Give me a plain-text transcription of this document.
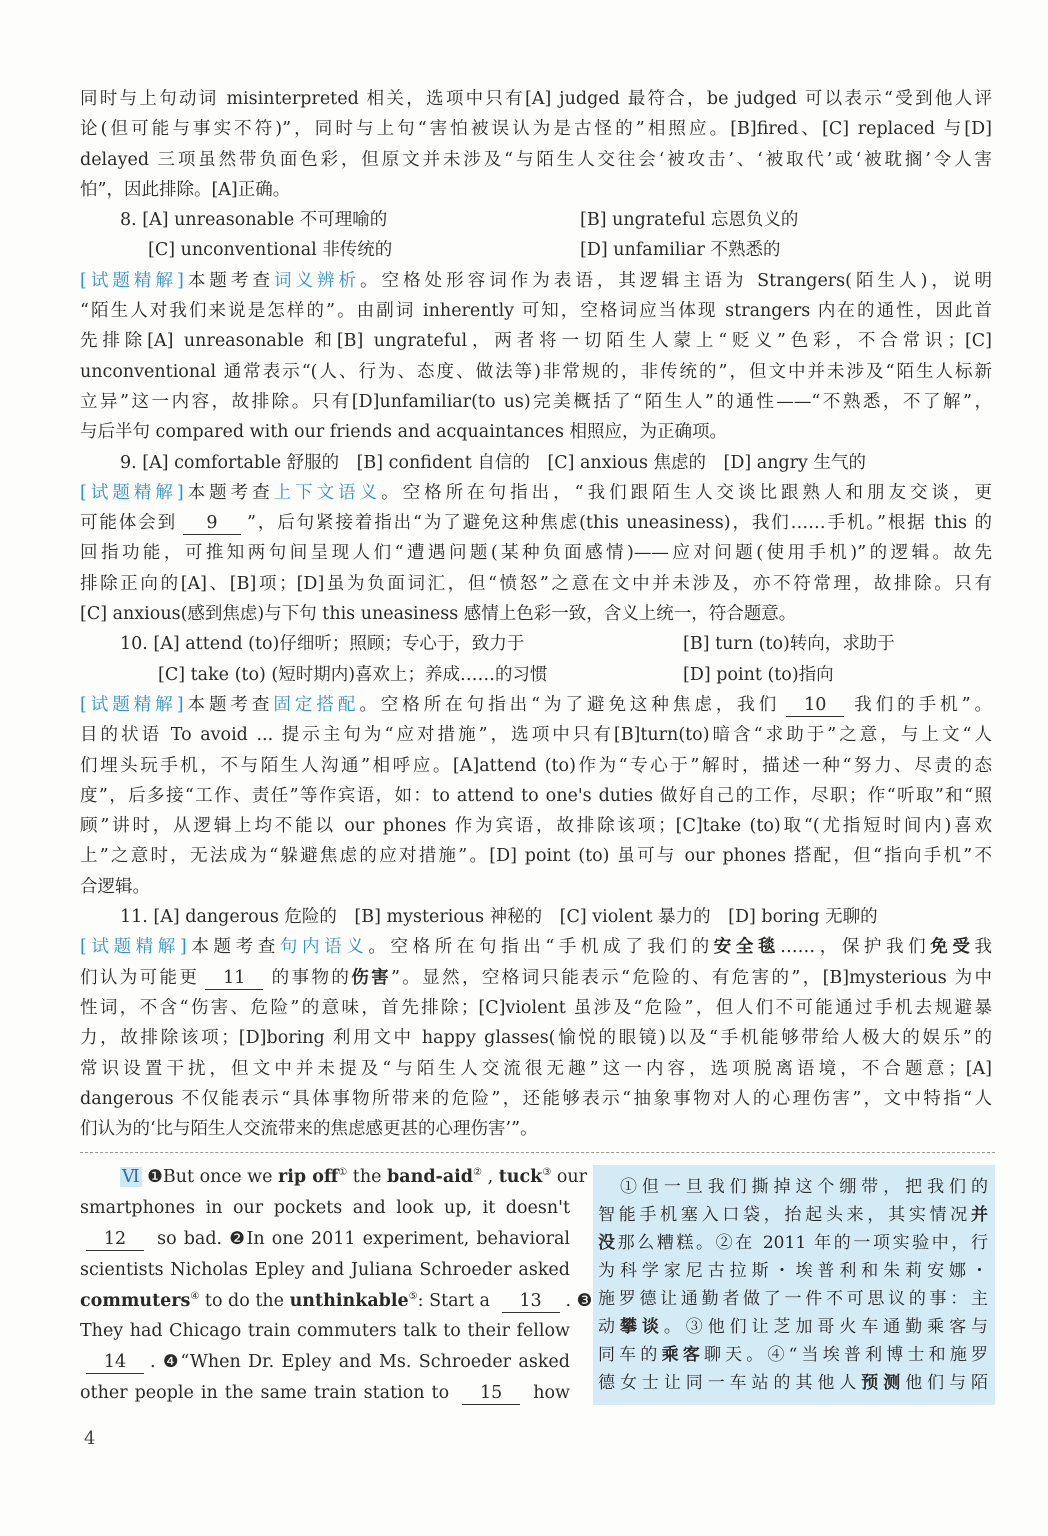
同时与上句动词 misinterpreted 相关，选项中只有[A] judged 最符合，be judged 可以表示“受到他人评
论(但可能与事实不符)”，同时与上句“害怕被误认为是古怪的”相照应。[B]fired、[C] replaced 与[D]
delayed 三项虽然带负面色彩，但原文并未涉及“与陌生人交往会‘被攻击’、‘被取代’或‘被耽搁’令人害
怕”，因此排除。[A]正确。
8. [A] unreasonable 不可理喻的	[B] ungrateful 忘恩负义的
[C] unconventional 非传统的	[D] unfamiliar 不熟悉的
[试题精解]本题考查词义辨析。空格处形容词作为表语，其逻辑主语为 Strangers(陌生人)，说明
“陌生人对我们来说是怎样的”。由副词 inherently 可知，空格词应当体现 strangers 内在的通性，因此首
先排除[A] unreasonable 和[B] ungrateful，两者将一切陌生人蒙上“贬义”色彩，不合常识；[C]
unconventional 通常表示“(人、行为、态度、做法等)非常规的，非传统的”，但文中并未涉及“陌生人标新
立异”这一内容，故排除。只有[D]unfamiliar(to us)完美概括了“陌生人”的通性——“不熟悉，不了解”，
与后半句 compared with our friends and acquaintances 相照应，为正确项。
9. [A] comfortable 舒服的　[B] confident 自信的　[C] anxious 焦虑的　[D] angry 生气的
[试题精解]本题考查上下文语义。空格所在句指出，“我们跟陌生人交谈比跟熟人和朋友交谈，更
可能体会到 9 ”，后句紧接着指出“为了避免这种焦虑(this uneasiness)，我们……手机。”根据 this 的
回指功能，可推知两句间呈现人们“遭遇问题(某种负面感情)——应对问题(使用手机)”的逻辑。故先
排除正向的[A]、[B]项；[D]虽为负面词汇，但“愤怒”之意在文中并未涉及，亦不符常理，故排除。只有
[C] anxious(感到焦虑)与下句 this uneasiness 感情上色彩一致，含义上统一，符合题意。
10. [A] attend (to)仔细听；照顾；专心于，致力于	[B] turn (to)转向，求助于
[C] take (to) (短时期内)喜欢上；养成……的习惯	[D] point (to)指向
[试题精解]本题考查固定搭配。空格所在句指出“为了避免这种焦虑，我们 10 我们的手机”。
目的状语 To avoid ... 提示主句为“应对措施”，选项中只有[B]turn(to)暗含“求助于”之意，与上文“人
们埋头玩手机，不与陌生人沟通”相呼应。[A]attend (to)作为“专心于”解时，描述一种“努力、尽责的态
度”，后多接“工作、责任”等作宾语，如：to attend to one's duties 做好自己的工作，尽职；作“听取”和“照
顾”讲时，从逻辑上均不能以 our phones 作为宾语，故排除该项；[C]take (to)取“(尤指短时间内)喜欢
上”之意时，无法成为“躲避焦虑的应对措施”。[D] point (to) 虽可与 our phones 搭配，但“指向手机”不
合逻辑。
11. [A] dangerous 危险的　[B] mysterious 神秘的　[C] violent 暴力的　[D] boring 无聊的
[试题精解]本题考查句内语义。空格所在句指出“手机成了我们的安全毯……，保护我们免受我
们认为可能更 11 的事物的伤害”。显然，空格词只能表示“危险的、有危害的”，[B]mysterious 为中
性词，不含“伤害、危险”的意味，首先排除；[C]violent 虽涉及“危险”，但人们不可能通过手机去规避暴
力，故排除该项；[D]boring 利用文中 happy glasses(愉悦的眼镜)以及“手机能够带给人极大的娱乐”的
常识设置干扰，但文中并未提及“与陌生人交流很无趣”这一内容，选项脱离语境，不合题意；[A]
dangerous 不仅能表示“具体事物所带来的危险”，还能够表示“抽象事物对人的心理伤害”，文中特指“人
们认为的‘比与陌生人交流带来的焦虑感更甚的心理伤害’”。
Ⅵ ❶But once we rip off① the band-aid② , tuck③ our
smartphones in our pockets and look up, it doesn't
12 so bad. ❷In one 2011 experiment, behavioral
scientists Nicholas Epley and Juliana Schroeder asked
commuters④ to do the unthinkable⑤: Start a 13 . ❸
They had Chicago train commuters talk to their fellow
14 . ❹“When Dr. Epley and Ms. Schroeder asked
other people in the same train station to 15 how
　①但一旦我们撕掉这个绷带，把我们的
智能手机塞入口袋，抬起头来，其实情况并
没那么糟糕。②在 2011 年的一项实验中，行
为科学家尼古拉斯・埃普利和朱莉安娜・
施罗德让通勤者做了一件不可思议的事：主
动攀谈。③他们让芝加哥火车通勤乘客与
同车的乘客聊天。④“当埃普利博士和施罗
德女士让同一车站的其他人预测他们与陌
4
